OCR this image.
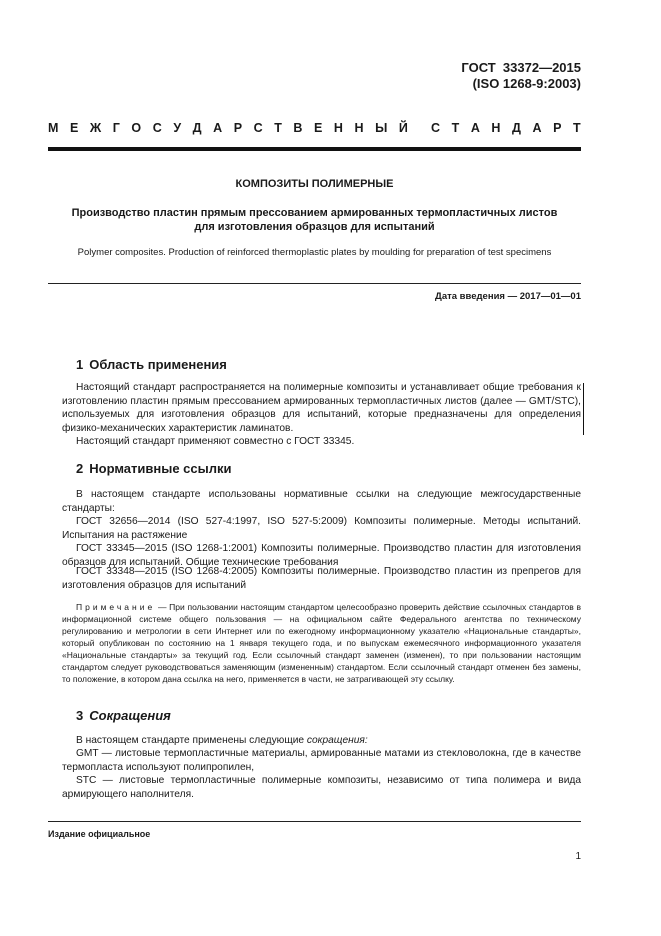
ГОСТ  33372—2015
(ISO 1268-9:2003)
М Е Ж Г О С У Д А Р С Т В Е Н Н Ы Й С Т А Н Д А Р Т
КОМПОЗИТЫ ПОЛИМЕРНЫЕ
Производство пластин прямым прессованием армированных термопластичных листов
для изготовления образцов для испытаний
Polymer composites. Production of reinforced thermoplastic plates by moulding for preparation of test specimens
Дата введения — 2017—01—01
1 Область применения
Настоящий стандарт распространяется на полимерные композиты и устанавливает общие требования к изготовлению пластин прямым прессованием армированных термопластичных листов (далее — GMT/STC), используемых для изготовления образцов для испытаний, которые предназначены для определения физико-механических характеристик ламинатов.
Настоящий стандарт применяют совместно с ГОСТ 33345.
2 Нормативные ссылки
В настоящем стандарте использованы нормативные ссылки на следующие межгосударственные стандарты:
ГОСТ 32656—2014 (ISO 527-4:1997, ISO 527-5:2009) Композиты полимерные. Методы испытаний. Испытания на растяжение
ГОСТ 33345—2015 (ISO 1268-1:2001) Композиты полимерные. Производство пластин для изготовления образцов для испытаний. Общие технические требования
ГОСТ 33348—2015 (ISO 1268-4:2005) Композиты полимерные. Производство пластин из препрегов для изготовления образцов для испытаний
Примечание — При пользовании настоящим стандартом целесообразно проверить действие ссылочных стандартов в информационной системе общего пользования — на официальном сайте Федерального агентства по техническому регулированию и метрологии в сети Интернет или по ежегодному информационному указателю «Национальные стандарты», который опубликован по состоянию на 1 января текущего года, и по выпускам ежемесячного информационного указателя «Национальные стандарты» за текущий год. Если ссылочный стандарт заменен (изменен), то при пользовании настоящим стандартом следует руководствоваться заменяющим (измененным) стандартом. Если ссылочный стандарт отменен без замены, то положение, в котором дана ссылка на него, применяется в части, не затрагивающей эту ссылку.
3 Сокращения
В настоящем стандарте применены следующие сокращения:
GMT — листовые термопластичные материалы, армированные матами из стекловолокна, где в качестве термопласта используют полипропилен,
STC — листовые термопластичные полимерные композиты, независимо от типа полимера и вида армирующего наполнителя.
Издание официальное
1
